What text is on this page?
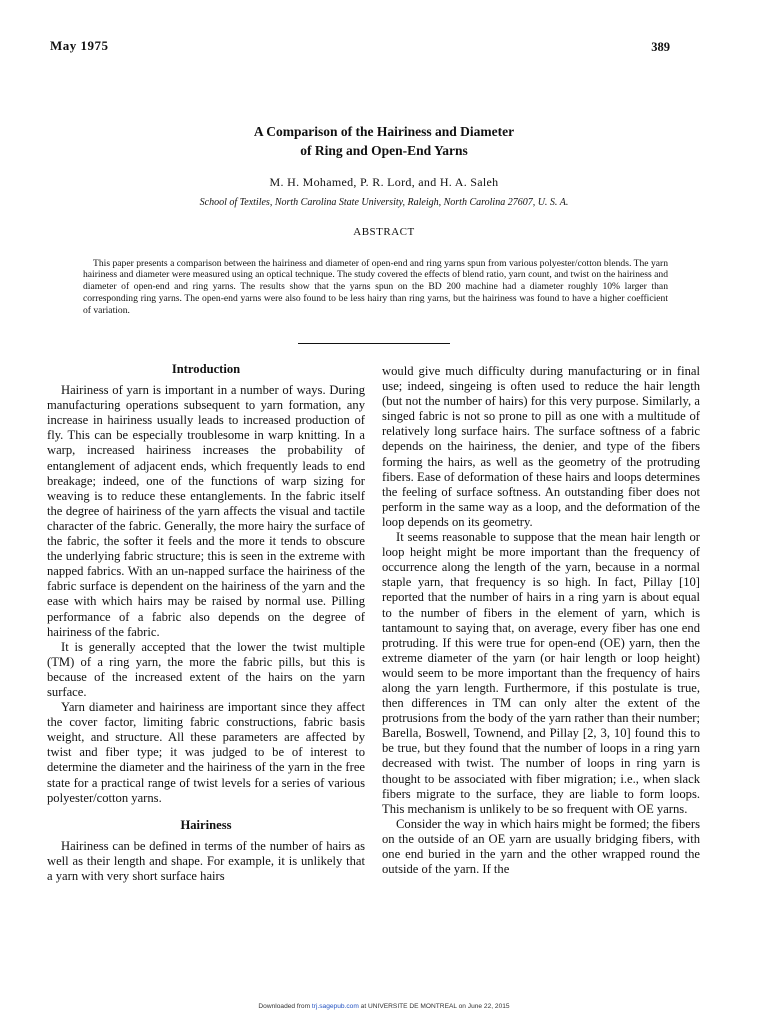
May 1975	389
A Comparison of the Hairiness and Diameter
of Ring and Open-End Yarns
M. H. Mohamed, P. R. Lord, and H. A. Saleh
School of Textiles, North Carolina State University, Raleigh, North Carolina 27607, U. S. A.
ABSTRACT

This paper presents a comparison between the hairiness and diameter of open-end and ring yarns spun from various polyester/cotton blends. The yarn hairiness and diameter were measured using an optical technique. The study covered the effects of blend ratio, yarn count, and twist on the hairiness and diameter of open-end and ring yarns. The results show that the yarns spun on the BD 200 machine had a diameter roughly 10% larger than corresponding ring yarns. The open-end yarns were also found to be less hairy than ring yarns, but the hairiness was found to have a higher coefficient of variation.

Introduction

Hairiness of yarn is important in a number of ways. During manufacturing operations subsequent to yarn formation, any increase in hairiness usually leads to increased production of fly. This can be especially troublesome in warp knitting. In a warp, increased hairiness increases the probability of entanglement of adjacent ends, which frequently leads to end breakage; indeed, one of the functions of warp sizing for weaving is to reduce these entanglements. In the fabric itself the degree of hairiness of the yarn affects the visual and tactile character of the fabric. Generally, the more hairy the surface of the fabric, the softer it feels and the more it tends to obscure the underlying fabric structure; this is seen in the extreme with napped fabrics. With an un-napped surface the hairiness of the fabric surface is dependent on the hairiness of the yarn and the ease with which hairs may be raised by normal use. Pilling performance of a fabric also depends on the degree of hairiness of the fabric.

It is generally accepted that the lower the twist multiple (TM) of a ring yarn, the more the fabric pills, but this is because of the increased extent of the hairs on the yarn surface.

Yarn diameter and hairiness are important since they affect the cover factor, limiting fabric constructions, fabric basis weight, and structure. All these parameters are affected by twist and fiber type; it was judged to be of interest to determine the diameter and the hairiness of the yarn in the free state for a practical range of twist levels for a series of various polyester/cotton yarns.

Hairiness

Hairiness can be defined in terms of the number of hairs as well as their length and shape. For example, it is unlikely that a yarn with very short surface hairs

would give much difficulty during manufacturing or in final use; indeed, singeing is often used to reduce the hair length (but not the number of hairs) for this very purpose. Similarly, a singed fabric is not so prone to pill as one with a multitude of relatively long surface hairs. The surface softness of a fabric depends on the hairiness, the denier, and type of the fibers forming the hairs, as well as the geometry of the protruding fibers. Ease of deformation of these hairs and loops determines the feeling of surface softness. An outstanding fiber does not perform in the same way as a loop, and the deformation of the loop depends on its geometry.

It seems reasonable to suppose that the mean hair length or loop height might be more important than the frequency of occurrence along the length of the yarn, because in a normal staple yarn, that frequency is so high. In fact, Pillay [10] reported that the number of hairs in a ring yarn is about equal to the number of fibers in the element of yarn, which is tantamount to saying that, on average, every fiber has one end protruding. If this were true for open-end (OE) yarn, then the extreme diameter of the yarn (or hair length or loop height) would seem to be more important than the frequency of hairs along the yarn length. Furthermore, if this postulate is true, then differences in TM can only alter the extent of the protrusions from the body of the yarn rather than their number; Barella, Boswell, Townend, and Pillay [2, 3, 10] found this to be true, but they found that the number of loops in a ring yarn decreased with twist. The number of loops in ring yarn is thought to be associated with fiber migration; i.e., when slack fibers migrate to the surface, they are liable to form loops. This mechanism is unlikely to be so frequent with OE yarns.

Consider the way in which hairs might be formed; the fibers on the outside of an OE yarn are usually bridging fibers, with one end buried in the yarn and the other wrapped round the outside of the yarn. If the

Downloaded from trj.sagepub.com at UNIVERSITE DE MONTREAL on June 22, 2015
